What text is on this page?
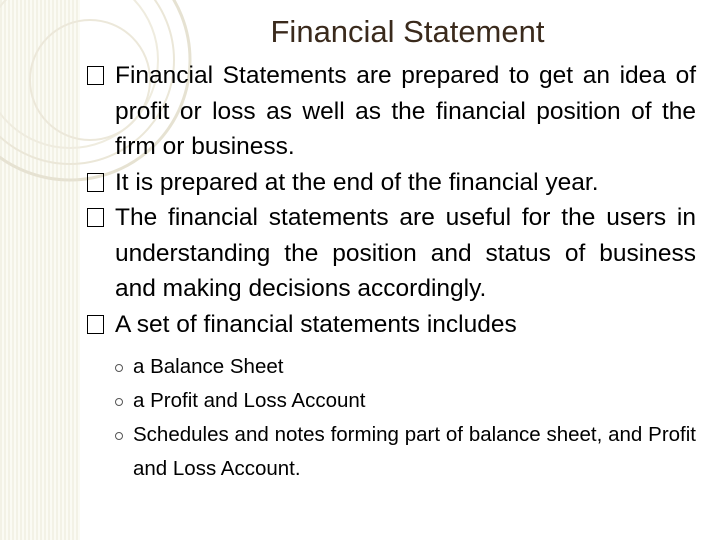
Financial Statement
Financial Statements are prepared to get an idea of profit or loss as well as the financial position of the firm or business.
It is prepared at the end of the financial year.
The financial statements are useful for the users in understanding the position and status of business and making decisions accordingly.
A set of financial statements includes
a Balance Sheet
a Profit and Loss Account
Schedules and notes forming part of balance sheet, and Profit and Loss Account.
